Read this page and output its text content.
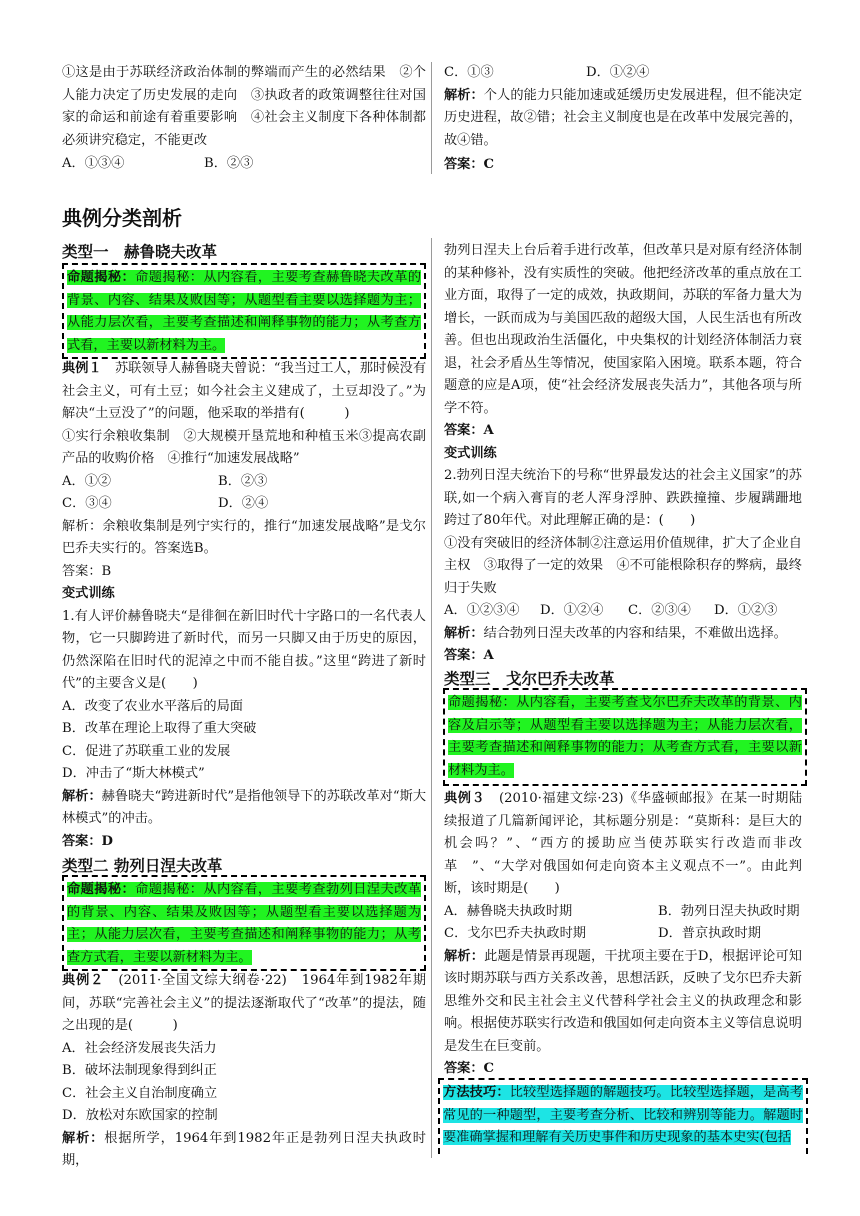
①这是由于苏联经济政治体制的弊端而产生的必然结果　②个人能力决定了历史发展的走向　③执政者的政策调整往往对国家的命运和前途有着重要影响　④社会主义制度下各种体制都必须讲究稳定，不能更改

A．①③④	B．②③
C．①③	D．①②④

解析：个人的能力只能加速或延缓历史发展进程，但不能决定历史进程，故②错；社会主义制度也是在改革中发展完善的，故④错。

答案：C

典例分类剖析

类型一　赫鲁晓夫改革

命题揭秘：命题揭秘：从内容看，主要考查赫鲁晓夫改革的背景、内容、结果及败因等；从题型看主要以选择题为主；从能力层次看，主要考查描述和阐释事物的能力；从考查方式看，主要以新材料为主。

典例１　 苏联领导人赫鲁晓夫曾说：“我当过工人，那时候没有社会主义，可有土豆；如今社会主义建成了，土豆却没了。”为解决“土豆没了”的问题，他采取的举措有(　　　)

①实行余粮收集制　②大规模开垦荒地和种植玉米③提高农副产品的收购价格　④推行“加速发展战略”

A．①②	B．②③
C．③④	D．②④

解析：余粮收集制是列宁实行的，推行“加速发展战略”是戈尔巴乔夫实行的。答案选B。

答案：B

变式训练

1.有人评价赫鲁晓夫“是徘徊在新旧时代十字路口的一名代表人物，它一只脚跨进了新时代，而另一只脚又由于历史的原因，仍然深陷在旧时代的泥淖之中而不能自拔。”这里“跨进了新时代”的主要含义是(　　)

A．改变了农业水平落后的局面

B．改革在理论上取得了重大突破

C．促进了苏联重工业的发展

D．冲击了“斯大林模式”

解析：赫鲁晓夫“跨进新时代”是指他领导下的苏联改革对“斯大林模式”的冲击。

答案：D

类型二 勃列日涅夫改革

命题揭秘：命题揭秘：从内容看，主要考查勃列日涅夫改革的背景、内容、结果及败因等；从题型看主要以选择题为主；从能力层次看，主要考查描述和阐释事物的能力；从考查方式看，主要以新材料为主。

典例２　 (2011·全国文综大纲卷·22)　1964年到1982年期间，苏联“完善社会主义”的提法逐渐取代了“改革”的提法，随之出现的是(　　　)

A．社会经济发展丧失活力

B．破坏法制现象得到纠正

C．社会主义自治制度确立

D．放松对东欧国家的控制

解析：根据所学，1964年到1982年正是勃列日涅夫执政时期，

勃列日涅夫上台后着手进行改革，但改革只是对原有经济体制的某种修补，没有实质性的突破。他把经济改革的重点放在工业方面，取得了一定的成效，执政期间，苏联的军备力量大为增长，一跃而成为与美国匹敌的超级大国，人民生活也有所改善。但也出现政治生活僵化，中央集权的计划经济体制活力衰退，社会矛盾丛生等情况，使国家陷入困境。联系本题，符合题意的应是A项，使“社会经济发展丧失活力”，其他各项与所学不符。

答案：A

变式训练

2.勃列日涅夫统治下的号称“世界最发达的社会主义国家”的苏联,如一个病入膏肓的老人浑身浮肿、跌跌撞撞、步履蹒跚地跨过了80年代。对此理解正确的是：(　　)

①没有突破旧的经济体制②注意运用价值规律，扩大了企业自主权　③取得了一定的效果　④不可能根除积存的弊病，最终归于失败

A．①②③④	D．①②④	C．②③④	D．①②③

解析：结合勃列日涅夫改革的内容和结果，不难做出选择。

答案：A

类型三　戈尔巴乔夫改革

命题揭秘：从内容看，主要考查戈尔巴乔夫改革的背景、内容及启示等；从题型看主要以选择题为主；从能力层次看，主要考查描述和阐释事物的能力；从考查方式看，主要以新材料为主。

典例３　 (2010·福建文综·23)《华盛顿邮报》在某一时期陆续报道了几篇新闻评论，其标题分别是：“莫斯科：是巨大的机会吗？”、“西方的援助应当使苏联实行改造而非改革　”、“大学对俄国如何走向资本主义观点不一”。由此判断，该时期是(　　)

A．赫鲁晓夫执政时期	B．勃列日涅夫执政时期
C．戈尔巴乔夫执政时期	D．普京执政时期

解析：此题是情景再现题，干扰项主要在于D，根据评论可知该时期苏联与西方关系改善，思想活跃，反映了戈尔巴乔夫新思维外交和民主社会主义代替科学社会主义的执政理念和影响。根据使苏联实行改造和俄国如何走向资本主义等信息说明是发生在巨变前。

答案：C

方法技巧：比较型选择题的解题技巧。比较型选择题，是高考常见的一种题型，主要考查分析、比较和辨别等能力。解题时要准确掌握和理解有关历史事件和历史现象的基本史实(包括
